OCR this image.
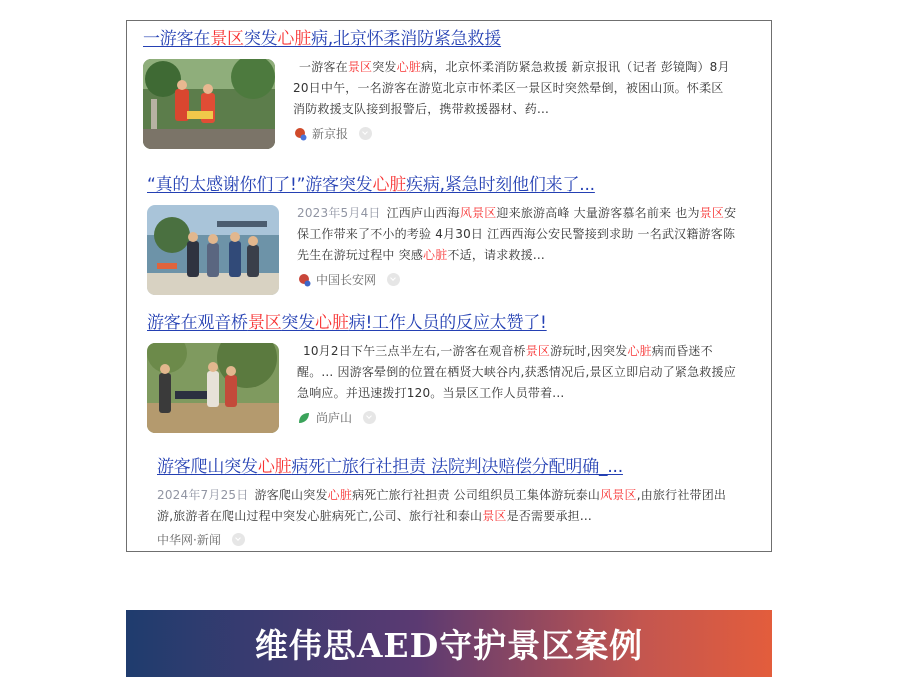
一游客在景区突发心脏病,北京怀柔消防紧急救援
一游客在景区突发心脏病，北京怀柔消防紧急救援 新京报讯（记者 彭镜陶）8月20日中午，一名游客在游览北京市怀柔区一景区时突然晕倒，被困山顶。怀柔区消防救援支队接到报警后，携带救援器材、药...
新京报
“真的太感谢你们了!”游客突发心脏疾病,紧急时刻他们来了...
2023年5月4日 江西庐山西海风景区迎来旅游高峰 大量游客慕名前来 也为景区安保工作带来了不小的考验 4月30日 江西西海公安民警接到求助 一名武汉籍游客陈先生在游玩过程中 突感心脏不适，请求救援...
中国长安网
游客在观音桥景区突发心脏病!工作人员的反应太赞了!
10月2日下午三点半左右,一游客在观音桥景区游玩时,因突发心脏病而昏迷不醒。... 因游客晕倒的位置在栖贤大峡谷内,获悉情况后,景区立即启动了紧急救援应急响应。并迅速拨打120。当景区工作人员带着...
尚庐山
游客爬山突发心脏病死亡旅行社担责 法院判决赔偿分配明确_...
2024年7月25日 游客爬山突发心脏病死亡旅行社担责 公司组织员工集体游玩泰山风景区,由旅行社带团出游,旅游者在爬山过程中突发心脏病死亡,公司、旅行社和泰山景区是否需要承担...
中华网·新闻
维伟思AED守护景区案例
